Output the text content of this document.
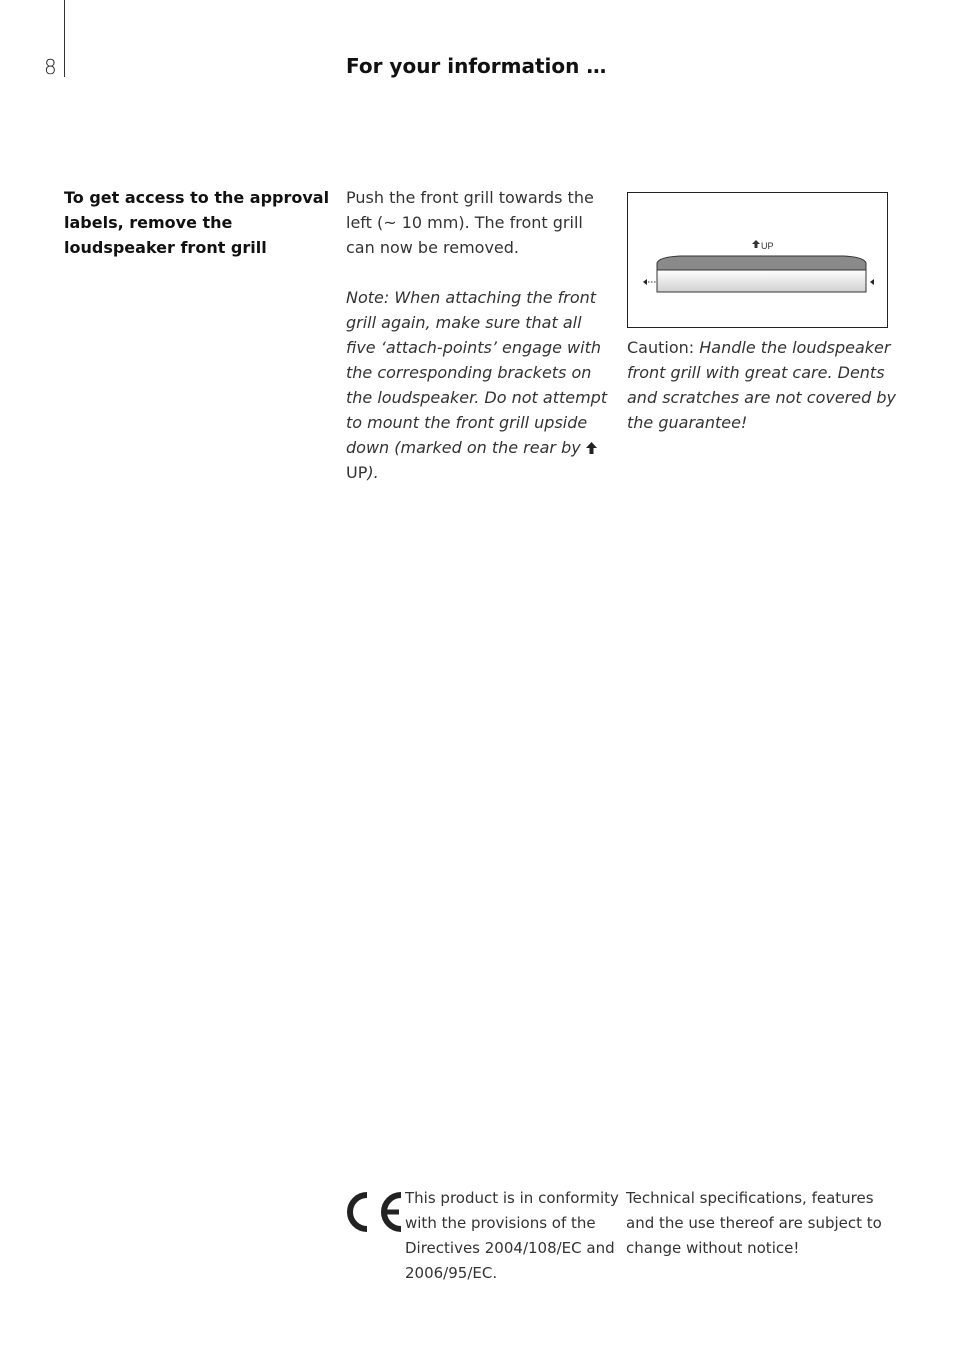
8	For your information …
To get access to the approval labels, remove the loudspeaker front grill

Push the front grill towards the left (~ 10 mm). The front grill can now be removed.

Note: When attaching the front grill again, make sure that all five ‘attach-points’ engage with the corresponding brackets on the loudspeaker. Do not attempt to mount the front grill upside down (marked on the rear by UP).

UP
Caution: Handle the loudspeaker front grill with great care. Dents and scratches are not covered by the guarantee!
This product is in conformity with the provisions of the Directives 2004/108/EC and 2006/95/EC.
Technical specifications, features and the use thereof are subject to change without notice!
